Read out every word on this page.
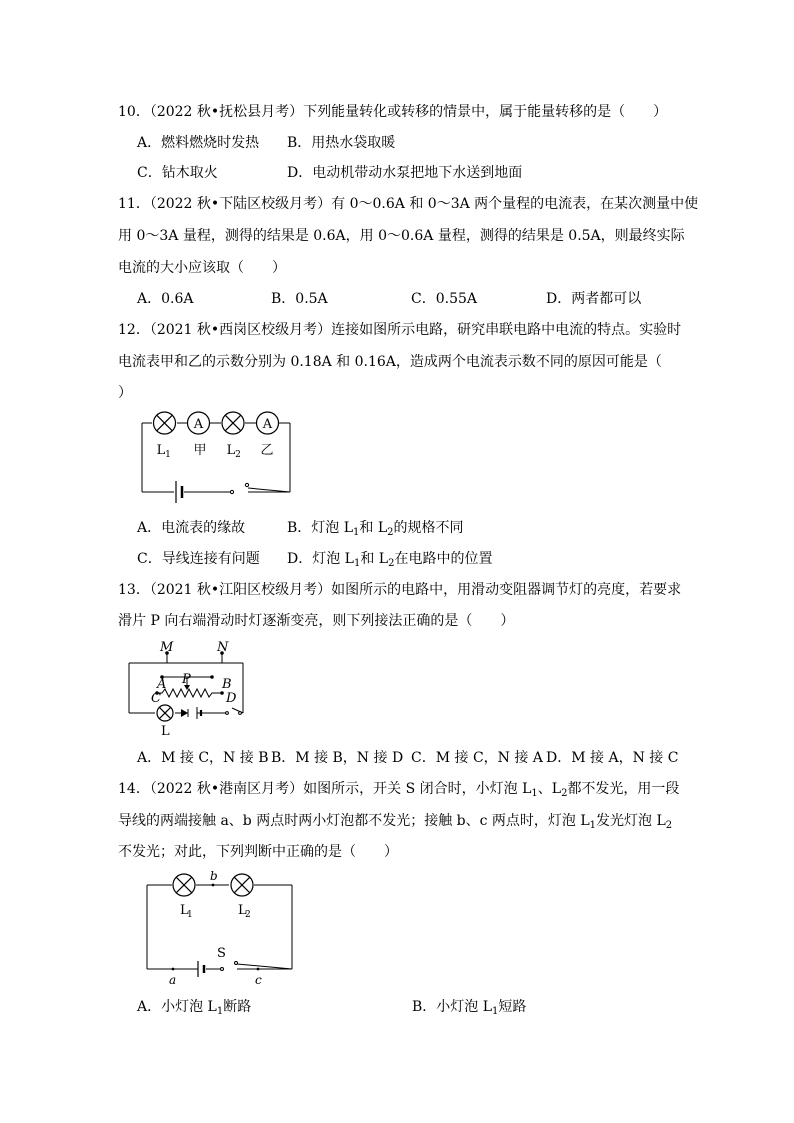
10．（2022 秋•抚松县月考）下列能量转化或转移的情景中，属于能量转移的是（　　）
A．燃料燃烧时发热 B．用热水袋取暖
C．钻木取火	D．电动机带动水泵把地下水送到地面
11．（2022 秋•下陆区校级月考）有 0～0.6A 和 0～3A 两个量程的电流表，在某次测量中使
用 0～3A 量程，测得的结果是 0.6A，用 0～0.6A 量程，测得的结果是 0.5A，则最终实际
电流的大小应该取（　　）
A．0.6A	B．0.5A	C．0.55A	D．两者都可以
12．（2021 秋•西岗区校级月考）连接如图所示电路，研究串联电路中电流的特点。实验时
电流表甲和乙的示数分别为 0.18A 和 0.16A，造成两个电流表示数不同的原因可能是（
）
A	A
L 1 甲 L 2 乙
A．电流表的缘故	B．灯泡 $L_1$和 $L_2$的规格不同
C．导线连接有问题 D．灯泡 $L_1$和 $L_2$在电路中的位置
13．（2021 秋•江阳区校级月考）如图所示的电路中，用滑动变阻器调节灯的亮度，若要求
滑片 P 向右端滑动时灯逐渐变亮，则下列接法正确的是（　　）
M	N
A P B
C	D
L
A．M 接 C，N 接 B B．M 接 B，N 接 D C．M 接 C，N 接 A D．M 接 A，N 接 C
14．（2022 秋•港南区月考）如图所示，开关 S 闭合时，小灯泡 $L_1$、$L_2$都不发光，用一段
导线的两端接触 a、b 两点时两小灯泡都不发光；接触 b、c 两点时，灯泡 $L_1$发光灯泡 $L_2$
不发光；对此，下列判断中正确的是（　　）
b
a	c
S
L
1	L
2
A．小灯泡 $L_1$断路	B．小灯泡 $L_1$短路
